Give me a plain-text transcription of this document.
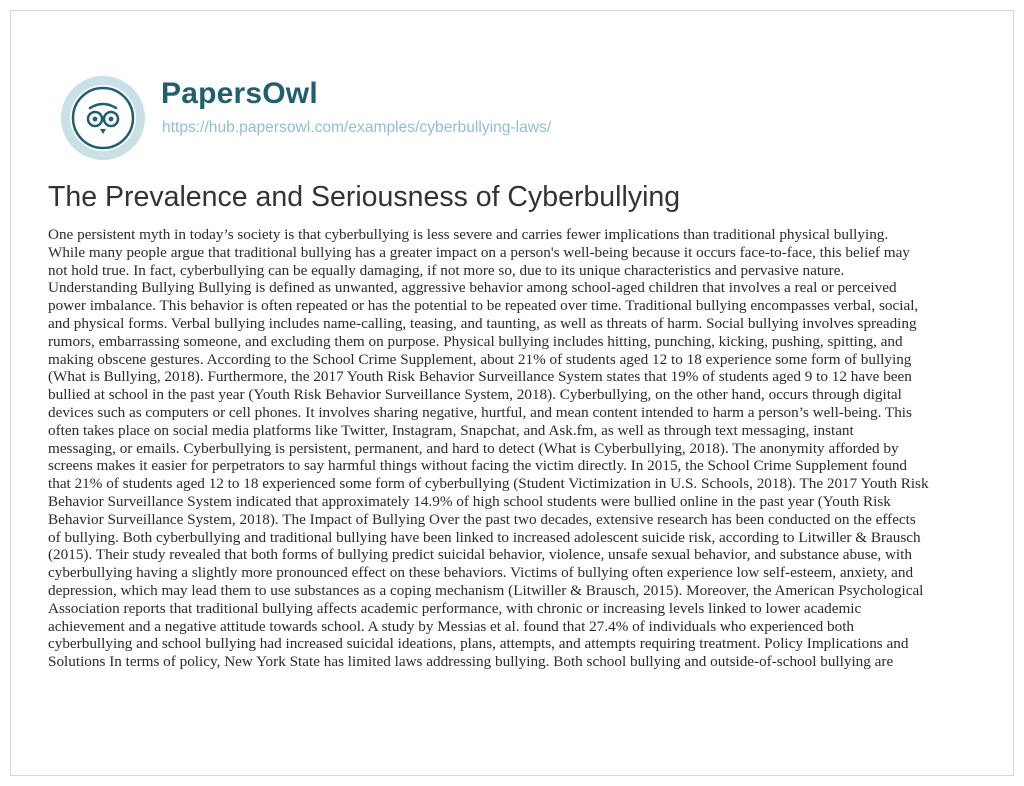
PapersOwl
https://hub.papersowl.com/examples/cyberbullying-laws/
The Prevalence and Seriousness of Cyberbullying
One persistent myth in today’s society is that cyberbullying is less severe and carries fewer implications than traditional physical bullying.
While many people argue that traditional bullying has a greater impact on a person's well-being because it occurs face-to-face, this belief may
not hold true. In fact, cyberbullying can be equally damaging, if not more so, due to its unique characteristics and pervasive nature.
Understanding Bullying Bullying is defined as unwanted, aggressive behavior among school-aged children that involves a real or perceived
power imbalance. This behavior is often repeated or has the potential to be repeated over time. Traditional bullying encompasses verbal, social,
and physical forms. Verbal bullying includes name-calling, teasing, and taunting, as well as threats of harm. Social bullying involves spreading
rumors, embarrassing someone, and excluding them on purpose. Physical bullying includes hitting, punching, kicking, pushing, spitting, and
making obscene gestures. According to the School Crime Supplement, about 21% of students aged 12 to 18 experience some form of bullying
(What is Bullying, 2018). Furthermore, the 2017 Youth Risk Behavior Surveillance System states that 19% of students aged 9 to 12 have been
bullied at school in the past year (Youth Risk Behavior Surveillance System, 2018). Cyberbullying, on the other hand, occurs through digital
devices such as computers or cell phones. It involves sharing negative, hurtful, and mean content intended to harm a person’s well-being. This
often takes place on social media platforms like Twitter, Instagram, Snapchat, and Ask.fm, as well as through text messaging, instant
messaging, or emails. Cyberbullying is persistent, permanent, and hard to detect (What is Cyberbullying, 2018). The anonymity afforded by
screens makes it easier for perpetrators to say harmful things without facing the victim directly. In 2015, the School Crime Supplement found
that 21% of students aged 12 to 18 experienced some form of cyberbullying (Student Victimization in U.S. Schools, 2018). The 2017 Youth Risk
Behavior Surveillance System indicated that approximately 14.9% of high school students were bullied online in the past year (Youth Risk
Behavior Surveillance System, 2018). The Impact of Bullying Over the past two decades, extensive research has been conducted on the effects
of bullying. Both cyberbullying and traditional bullying have been linked to increased adolescent suicide risk, according to Litwiller & Brausch
(2015). Their study revealed that both forms of bullying predict suicidal behavior, violence, unsafe sexual behavior, and substance abuse, with
cyberbullying having a slightly more pronounced effect on these behaviors. Victims of bullying often experience low self-esteem, anxiety, and
depression, which may lead them to use substances as a coping mechanism (Litwiller & Brausch, 2015). Moreover, the American Psychological
Association reports that traditional bullying affects academic performance, with chronic or increasing levels linked to lower academic
achievement and a negative attitude towards school. A study by Messias et al. found that 27.4% of individuals who experienced both
cyberbullying and school bullying had increased suicidal ideations, plans, attempts, and attempts requiring treatment. Policy Implications and
Solutions In terms of policy, New York State has limited laws addressing bullying. Both school bullying and outside-of-school bullying are
